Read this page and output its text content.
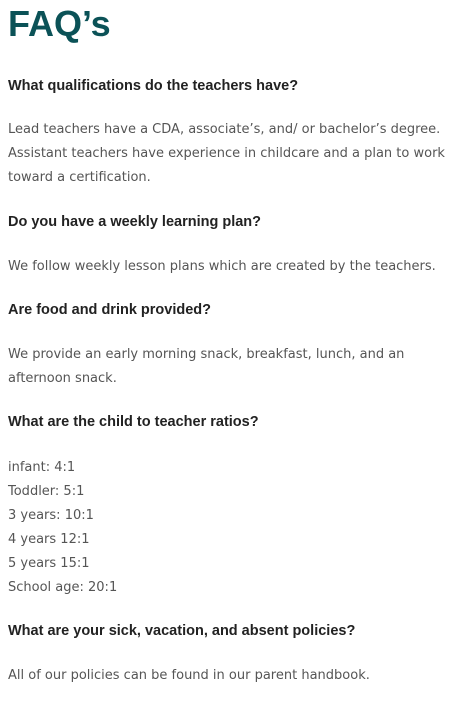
FAQ’s
What qualifications do the teachers have?

Lead teachers have a CDA, associate’s, and/ or bachelor’s degree.
Assistant teachers have experience in childcare and a plan to work
toward a certification.

Do you have a weekly learning plan?

We follow weekly lesson plans which are created by the teachers.

Are food and drink provided?

We provide an early morning snack, breakfast, lunch, and an
afternoon snack.

What are the child to teacher ratios?

infant: 4:1
Toddler: 5:1
3 years: 10:1
4 years 12:1
5 years 15:1
School age: 20:1

What are your sick, vacation, and absent policies?

All of our policies can be found in our parent handbook.
